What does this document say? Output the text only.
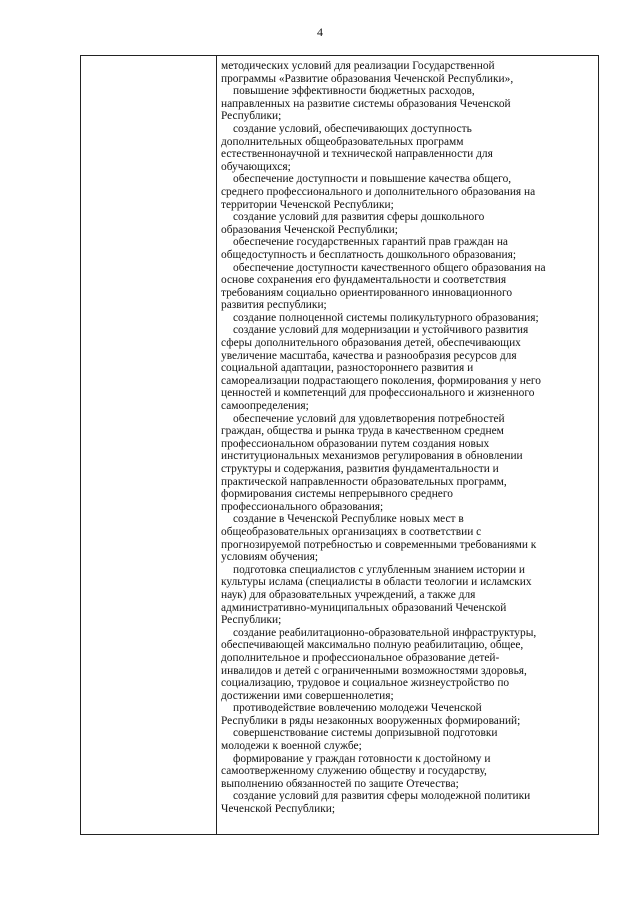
4
методических условий для реализации Государственной
программы «Развитие образования Чеченской Республики»,
повышение эффективности бюджетных расходов,
направленных на развитие системы образования Чеченской
Республики;
создание условий, обеспечивающих доступность
дополнительных общеобразовательных программ
естественнонаучной и технической направленности для
обучающихся;
обеспечение доступности и повышение качества общего,
среднего профессионального и дополнительного образования на
территории Чеченской Республики;
создание условий для развития сферы дошкольного
образования Чеченской Республики;
обеспечение государственных гарантий прав граждан на
общедоступность и бесплатность дошкольного образования;
обеспечение доступности качественного общего образования на
основе сохранения его фундаментальности и соответствия
требованиям социально ориентированного инновационного
развития республики;
создание полноценной системы поликультурного образования;
создание условий для модернизации и устойчивого развития
сферы дополнительного образования детей, обеспечивающих
увеличение масштаба, качества и разнообразия ресурсов для
социальной адаптации, разностороннего развития и
самореализации подрастающего поколения, формирования у него
ценностей и компетенций для профессионального и жизненного
самоопределения;
обеспечение условий для удовлетворения потребностей
граждан, общества и рынка труда в качественном среднем
профессиональном образовании путем создания новых
институциональных механизмов регулирования в обновлении
структуры и содержания, развития фундаментальности и
практической направленности образовательных программ,
формирования системы непрерывного среднего
профессионального образования;
создание в Чеченской Республике новых мест в
общеобразовательных организациях в соответствии с
прогнозируемой потребностью и современными требованиями к
условиям обучения;
подготовка специалистов с углубленным знанием истории и
культуры ислама (специалисты в области теологии и исламских
наук) для образовательных учреждений, а также для
административно-муниципальных образований Чеченской
Республики;
создание реабилитационно-образовательной инфраструктуры,
обеспечивающей максимально полную реабилитацию, общее,
дополнительное и профессиональное образование детей-
инвалидов и детей с ограниченными возможностями здоровья,
социализацию, трудовое и социальное жизнеустройство по
достижении ими совершеннолетия;
противодействие вовлечению молодежи Чеченской
Республики в ряды незаконных вооруженных формирований;
совершенствование системы допризывной подготовки
молодежи к военной службе;
формирование у граждан готовности к достойному и
самоотверженному служению обществу и государству,
выполнению обязанностей по защите Отечества;
создание условий для развития сферы молодежной политики
Чеченской Республики;
